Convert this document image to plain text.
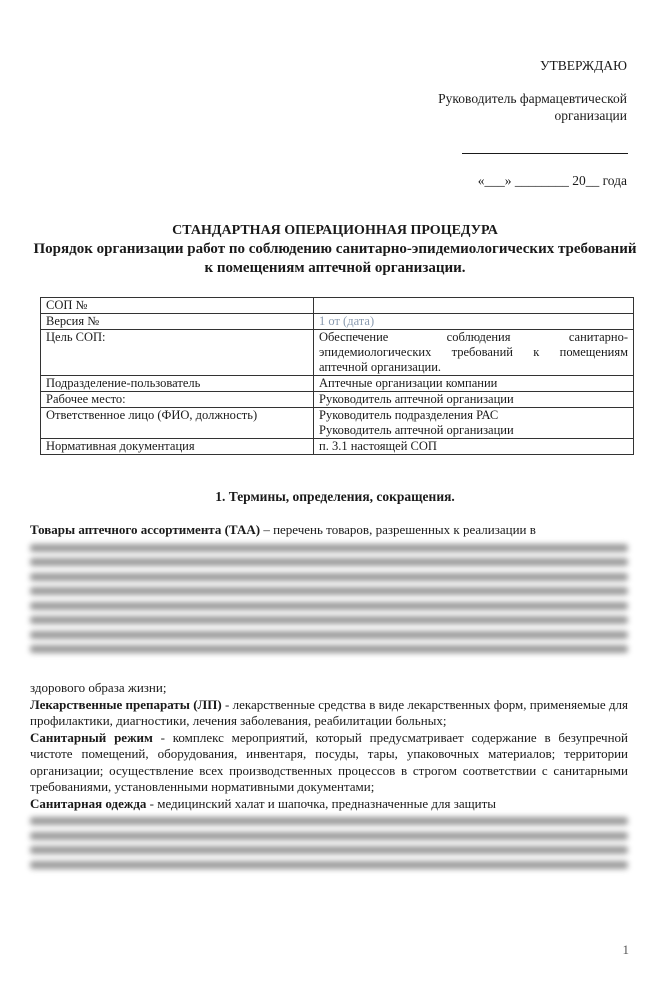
УТВЕРЖДАЮ
Руководитель фармацевтической организации
«___» ________ 20__ года
СТАНДАРТНАЯ ОПЕРАЦИОННАЯ ПРОЦЕДУРА
Порядок организации работ по соблюдению санитарно-эпидемиологических требований к помещениям аптечной организации.
СОП №	
Версия №	1 от (дата)
Цель СОП:	Обеспечение соблюдения санитарно-эпидемиологических требований к помещениям аптечной организации.
Подразделение-пользователь	Аптечные организации компании
Рабочее место:	Руководитель аптечной организации
Ответственное лицо (ФИО, должность)	Руководитель подразделения РАС
Руководитель аптечной организации

Нормативная документация	п. 3.1 настоящей СОП
1. Термины, определения, сокращения.
Товары аптечного ассортимента (ТАА) – перечень товаров, разрешенных к реализации в
здорового образа жизни;
Лекарственные препараты (ЛП) - лекарственные средства в виде лекарственных форм, применяемые для профилактики, диагностики, лечения заболевания, реабилитации больных;
Санитарный режим - комплекс мероприятий, который предусматривает содержание в безупречной чистоте помещений, оборудования, инвентаря, посуды, тары, упаковочных материалов; территории организации; осуществление всех производственных процессов в строгом соответствии с санитарными требованиями, установленными нормативными документами;
Санитарная одежда - медицинский халат и шапочка, предназначенные для защиты
1
